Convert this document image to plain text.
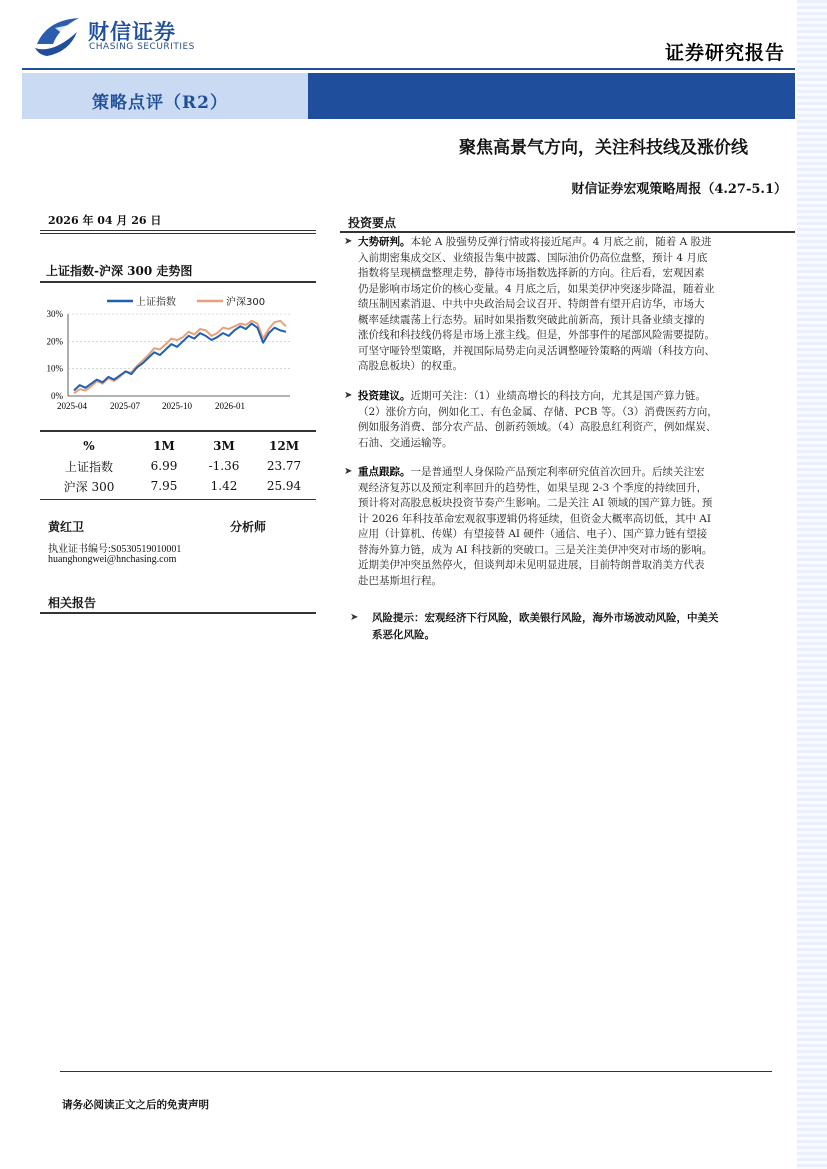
财信证券
CHASING SECURITIES	证券研究报告
策略点评（R2）
聚焦高景气方向，关注科技线及涨价线
财信证券宏观策略周报（4.27-5.1）
2026 年 04 月 26 日
上证指数-沪深 300 走势图
0%
10%
20%
30%
2025-04	2025-07 2025-10	2026-01
上证指数	沪深300
%	1M	3M	12M
上证指数	6.99	-1.36	23.77
沪深 300	7.95	1.42	25.94
黄红卫	分析师
执业证书编号:S0530519010001
huanghongwei@hnchasing.com
相关报告
投资要点
➤ 大势研判。本轮 A 股强势反弹行情或将接近尾声。4 月底之前，随着 A 股进
入前期密集成交区、业绩报告集中披露、国际油价仍高位盘整，预计 4 月底
指数将呈现横盘整理走势，静待市场指数选择新的方向。往后看，宏观因素
仍是影响市场定价的核心变量。4 月底之后，如果美伊冲突逐步降温，随着业
绩压制因素消退、中共中央政治局会议召开、特朗普有望开启访华，市场大
概率延续震荡上行态势。届时如果指数突破此前新高，预计具备业绩支撑的
涨价线和科技线仍将是市场上涨主线。但是，外部事件的尾部风险需要提防。
可坚守哑铃型策略，并视国际局势走向灵活调整哑铃策略的两端（科技方向、
高股息板块）的权重。
➤ 投资建议。近期可关注：（1）业绩高增长的科技方向，尤其是国产算力链。
（2）涨价方向，例如化工、有色金属、存储、PCB 等。（3）消费医药方向，
例如服务消费、部分农产品、创新药领域。（4）高股息红利资产，例如煤炭、
石油、交通运输等。
➤ 重点跟踪。一是普通型人身保险产品预定利率研究值首次回升。后续关注宏
观经济复苏以及预定利率回升的趋势性，如果呈现 2-3 个季度的持续回升，
预计将对高股息板块投资节奏产生影响。二是关注 AI 领域的国产算力链。预
计 2026 年科技革命宏观叙事逻辑仍将延续，但资金大概率高切低，其中 AI
应用（计算机、传媒）有望接替 AI 硬件（通信、电子）、国产算力链有望接
替海外算力链，成为 AI 科技新的突破口。三是关注美伊冲突对市场的影响。
近期美伊冲突虽然停火，但谈判却未见明显进展，目前特朗普取消美方代表
赴巴基斯坦行程。
➤ 风险提示：宏观经济下行风险，欧美银行风险，海外市场波动风险，中美关
系恶化风险。
请务必阅读正文之后的免责声明
